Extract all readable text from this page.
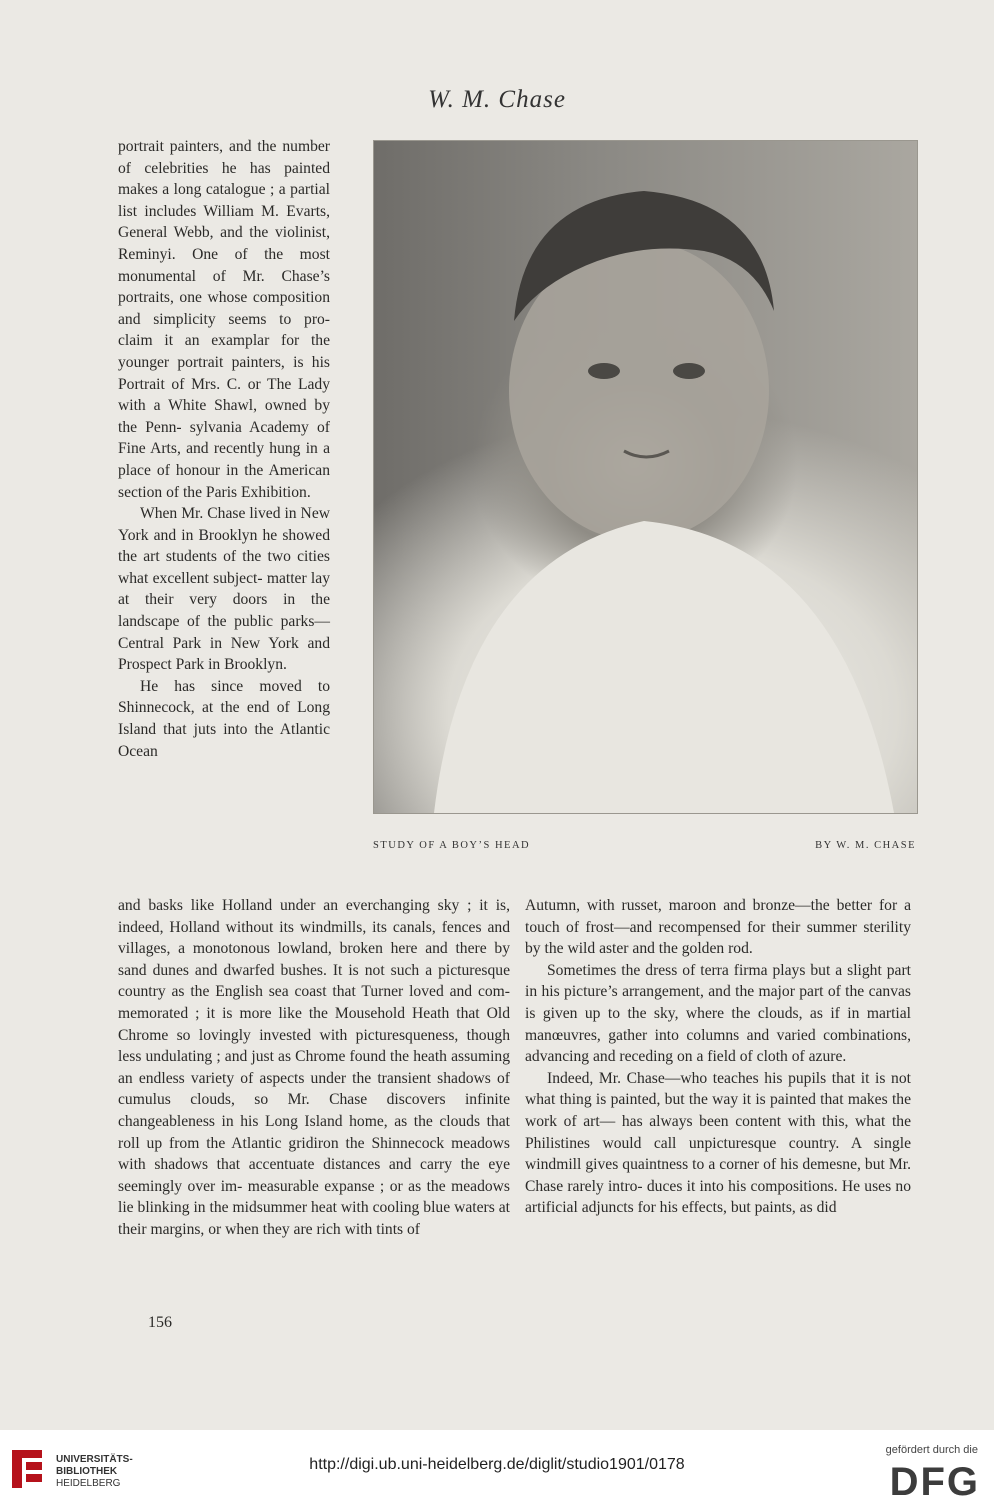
W. M. Chase

portrait painters, and the number of celebrities he has painted makes a long catalogue ; a partial list includes William M. Evarts, General Webb, and the violinist, Reminyi. One of the most monumental of Mr. Chase’s portraits, one whose composition and simplicity seems to pro- claim it an examplar for the younger portrait painters, is his Portrait of Mrs. C. or The Lady with a White Shawl, owned by the Penn- sylvania Academy of Fine Arts, and recently hung in a place of honour in the American section of the Paris Exhibition.

When Mr. Chase lived in New York and in Brooklyn he showed the art students of the two cities what excellent subject- matter lay at their very doors in the landscape of the public parks—Central Park in New York and Prospect Park in Brooklyn.

He has since moved to Shinnecock, at the end of Long Island that juts into the Atlantic Ocean

STUDY OF A BOY’S HEAD	BY W. M. CHASE

and basks like Holland under an everchanging sky ; it is, indeed, Holland without its windmills, its canals, fences and villages, a monotonous lowland, broken here and there by sand dunes and dwarfed bushes. It is not such a picturesque country as the English sea coast that Turner loved and com- memorated ; it is more like the Mousehold Heath that Old Chrome so lovingly invested with picturesqueness, though less undulating ; and just as Chrome found the heath assuming an endless variety of aspects under the transient shadows of cumulus clouds, so Mr. Chase discovers infinite changeableness in his Long Island home, as the clouds that roll up from the Atlantic gridiron the Shinnecock meadows with shadows that accentuate distances and carry the eye seemingly over im- measurable expanse ; or as the meadows lie blinking in the midsummer heat with cooling blue waters at their margins, or when they are rich with tints of

Autumn, with russet, maroon and bronze—the better for a touch of frost—and recompensed for their summer sterility by the wild aster and the golden rod.

Sometimes the dress of terra firma plays but a slight part in his picture’s arrangement, and the major part of the canvas is given up to the sky, where the clouds, as if in martial manœuvres, gather into columns and varied combinations, advancing and receding on a field of cloth of azure.

Indeed, Mr. Chase—who teaches his pupils that it is not what thing is painted, but the way it is painted that makes the work of art— has always been content with this, what the Philistines would call unpicturesque country. A single windmill gives quaintness to a corner of his demesne, but Mr. Chase rarely intro- duces it into his compositions. He uses no artificial adjuncts for his effects, but paints, as did

156
UNIVERSITÄTS-
BIBLIOTHEK
HEIDELBERG
http://digi.ub.uni-heidelberg.de/diglit/studio1901/0178
gefördert durch die
DFG
